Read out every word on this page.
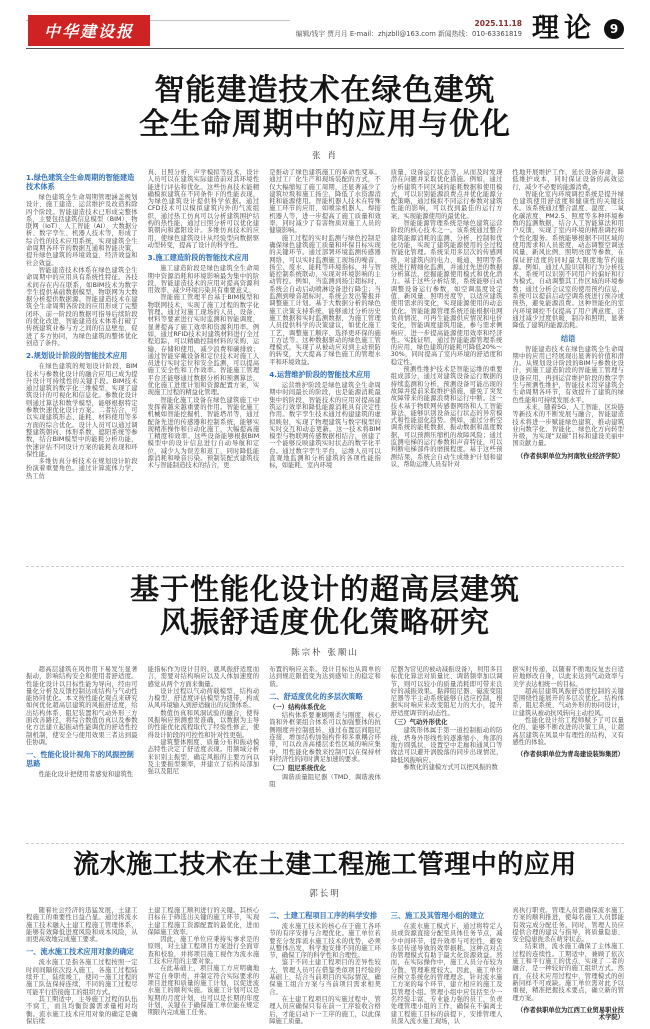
中华建设报	2025.11.18
编辑/钱宇 贾月月 E-mail：zhjzbll@163.com 新闻热线：010-63361819 理论	9
智能建造技术在绿色建筑
全生命周期中的应用与优化
张 肖
1.绿色建筑全生命周期的智能建造技术体系
绿色建筑全生命周期管理涵盖规划设计、施工建造、运营维护及改造拆除四个阶段。智能建造技术已形成完整体系，主要包括建筑信息模型（BIM）、物联网（IoT）、人工智能（AI）、大数据分析、数字孪生、机器人技术等，形成了综合性的技术应用系统，实现建筑全生命周期各环节的数据互通和智能决策，提升绿色建筑的环境效益、经济效益和社会效益。
智能建造技术体系在绿色建筑全生命周期中的应用具有系统性特征。各技术间存在内在联系，如BIM技术为数字孪生提供基础数据模型，物联网为大数据分析提供数据源。智能建造技术在建筑全生命周期各阶段的应用形成了完整闭环，前一阶段的数据可指导后续阶段的优化改进，智能建造技术体系打破了传统建筑业参与方之间的信息壁垒，促进了多方协同，为绿色建筑的整体优化创造了条件。
2.规划设计阶段的智能技术应用
在绿色建筑的规划设计阶段，BIM技术与参数化设计的融合应用已成为提升设计可持续性的关键手段。BIM技术通过建筑的数字化三维模型，实现了建筑设计的可视化和信息化。参数化设计则通过算法和数学模型，能够根据特定参数快速优化设计方案。二者结合，可以实现建筑形态、能耗、材料使用等多方面的综合优化。设计人员可以通过调整建筑朝向、体形系数、遮阳系统等参数，结合BIM模型中的能耗分析功能，快速评估不同设计方案的能耗表现和环保性能。
多维仿真分析技术在规划设计阶段扮演着重要角色。通过计算流体力学、热工仿
真、日照分析、声学模拟等技术，设计人员可以在建筑实际建造前对其环境性能进行评估和优化。这些仿真技术能精确模拟建筑在不同条件下的性能表现，为绿色建筑设计提供科学依据。通过CFD技术可以模拟建筑内外的气流组织，通过热工仿真可以分析建筑围护结构的热性能，通过日照分析可以优化建筑朝向和遮阳设计。多维仿真技术的应用，使绿色建筑设计从经验型向数据驱动型转变，提高了设计的科学性。
3.施工建造阶段的智能技术应用
施工建造阶段是绿色建筑全生命周期中资源消耗和环境影响最为集中的阶段，智能建造技术的应用对提高资源利用效率、减少环境污染具有重要意义。
智能施工管理平台基于BIM模型和物联网技术，实现了施工过程的数字化管理。通过对施工现场的人员、设备、材料等要素进行实时监测和智能调度，显著提高了施工效率和资源利用率。例如，通过RFID技术对建筑材料进行全过程追踪，可以精确控制材料的采购、运输、存储和使用，减少浪费和碳排放；通过智能穿戴设备和定位技术对施工人员进行实时定位和安全监测，可以提高施工安全性和工作效率。智能施工管理平台还能够通过数据分析和预测算法，优化施工进度计划和资源配置方案，实现施工过程的精益化管理。
智能化施工设备在绿色建筑施工中发挥着越来越重要的作用。智能化施工机械如智能挖掘机、智能塔吊等，通过配备先进的传感器和控制系统，能够实现精准操作和自动化施工，大幅提高施工精度和效率。这些设备能够根据BIM模型中的设计信息进行自动导航和定位，减少人为误差和返工，同时降低能源消耗和噪音污染。预制装配式建筑技术与智能制造技术的结合，更
是推动了绿色建筑施工的革命性变革。通过工厂化生产和现场装配的方式，不仅大幅缩短了施工周期，还显著减少了建筑垃圾和施工扬尘，降低了水资源消耗和能源使用。智能机器人技术在特殊施工环节的应用，如喷涂机器人、焊接机器人等，进一步提高了施工质量和效率，同时减少了有害物质对施工人员的健康影响。
施工过程的实时监测与绿色控制是确保绿色建筑施工质量和环保目标实现的关键环节。通过部署环境监测传感器网络，可以实时监测施工现场的噪音、扬尘、废水、能耗等环境指标，并与智能控制系统联动，实现对环境影响的主动管控。例如，当监测到扬尘超标时，系统会自动启动喷淋设备进行降尘；当监测到噪音超标时，系统会发出警报并调整施工计划。基于大数据分析的绿色施工决策支持系统，能够通过分析历史施工数据和实时监测数据，为施工管理人员提供科学的决策建议，如优化施工工艺、调整施工顺序、选择更环保的施工方法等。这种数据驱动的绿色施工管理模式，实现了从被动应对到主动预防的转变，大大提高了绿色施工的管理水平和环境效益。
4.运营维护阶段的智能技术应用
运营维护阶段是绿色建筑全生命周期中时间最长的阶段，也是能源消耗最集中的阶段，智能技术的应用对提高建筑运行效率和降低能源消耗具有决定性作用。数字孪生技术通过构建建筑的虚拟映射，实现了物理建筑与数字模型的实时交互和动态更新。这一技术将BIM模型与物联网传感数据相结合，创建了一个能够反映建筑实时状态的数字化平台。通过数字孪生平台，运维人员可以直观地监测和分析建筑的各项性能指标，如能耗、室内环境
质量、设备运行状态等，从而及时发现潜在问题并采取优化措施。例如，通过分析建筑不同区域的能耗数据和使用模式，可以识别能源浪费点并优化能源分配策略，通过模拟不同运行参数对建筑性能的影响，可以找到最佳的运行方案，实现能源使用的最优化。
智能能源管理系统是绿色建筑运营阶段的核心技术之一。该系统通过整合建筑能源消耗的监测、分析、控制和优化功能，实现了建筑能源使用的全过程智能化管理。系统采用多层次的传感网络，对建筑内的电力、暖通、照明等系统进行精细化监测，并通过先进的数据分析算法，挖掘能源使用模式和优化潜力。基于这些分析结果，系统能够自动调整设备运行参数，如空调温度设定值、新风量、照明亮度等，以适应建筑使用需求的变化，实现能源使用的动态优化。智能能源管理系统还能根据电网负荷情况、可再生能源供应情况和电价变化，智能调度建筑用能，参与需求侧响应，进一步提高能源使用效率和经济性。实践证明，通过智能能源管理系统的应用，绿色建筑的能耗可降低20%～30%，同时提高了室内环境的舒适度和稳定性。
预测性维护技术是智能运维的重要组成部分，通过对建筑设备运行数据的持续监测和分析，预测设备可能出现的故障并提前采取维护措施，避免了突发故障带来的能源浪费和运行中断。这一技术基于物联网传感器网络和人工智能算法，能够识别设备运行状态的异常模式和性能退化趋势。例如，通过分析空调系统的能耗数据、振动数据和温度数据，可以预测压缩机的故障风险；通过监测电梯的运行参数和声音特征，可以判断电梯部件的磨损程度。基于这些预测结果，系统会自动生成维护计划和建议，帮助运维人员有针对
性地开展维护工作，延长设备寿命，降低维护成本，同时保证设备的高效运行，减少不必要的能源消费。
智能化室内环境调控系统是提升绿色建筑使用舒适度和健康性的关键技术。该系统通过整合温度、湿度、二氧化碳浓度、PM2.5、照度等多种环境参数的监测数据，结合人工智能算法和用户反馈，实现了室内环境的精准调控和个性化服务。系统能够根据不同区域的使用需求和人员密度，动态调整空调送风量、新风比例、照明亮度等参数，在保证舒适度的同时最大限度地节约能源。例如，通过人脸识别和行为分析技术，系统可以识别不同用户的偏好和行为模式，自动调整其工作区域的环境参数；通过分析会议室的使用预约信息，系统可以提前启动空调系统进行预冷或预热，避免能源浪费。这种智能化的室内环境调控不仅提高了用户满意度，还通过减少过度供暖、制冷和照明，显著降低了建筑的能源消耗。
结语
智能建造技术在绿色建筑全生命周期中的应用已经展现出显著的价值和潜力。从规划设计阶段的BIM与参数化设计，到施工建造阶段的智能施工管理与设备应用，再到运营维护阶段的数字孪生与预测性维护，智能技术贯穿建筑全生命周期各环节，有效提升了建筑的绿色性能和可持续发展水平。
未来，随着5G、人工智能、区块链等新技术的不断发展与融合，智能建造技术将进一步赋能绿色建筑，推动建筑业向数字化、智能化、绿色化方向转型升级，为实现“双碳”目标和建设美丽中国贡献力量。
（作者供职单位为河南牧业经济学院）
基于性能化设计的超高层建筑
风振舒适度优化策略研究
陈宗朴 张顺山
超高层建筑在风作用下易发生显著振动，影响结构安全和使用者舒适度。性能化设计以目标性能为导向，经由可量化分析及反馈控制达成结构与气动性能协同优化。本文按性能化观点来研究如何优化超高层建筑的风振舒适度，给出结构体系、阻尼装置和气动外形三方面改善路径，将综合数值仿真以及参数化方法建立起振动性能调优的舒适性控制机制，使安全与使用效果三者达到最佳协调。
一、性能化设计视角下的风振控制思路
性能化设计把使用者感觉和建筑性
能指标作为设计目的，就风振舒适度而言，需要对结构响应以及人体加速度的感觉从两个方面来衡量。
设计过程以气动荷载模型、结构动力模型、舒适度评估模型为纽带，构成从风环境输入到舒适输出的反馈体系。
数值仿真和风洞试验的融合，使得风振响应预测愈发准确，以数据为主导的性能优化流程取代了经验性修正，使得设计阶段的可控性和针对性更强。
建筑整体刚度、质量分布和振动模态特性决定了舒适度表现。用频域分析来识别主振型，确定风振的主要方向以及主要振型频率，并建立了结构局部加强以及阻尼
布置的响应关系。设计目标也从简单的达到规范限值变为达到感知上的稳定和谐。
二、舒适度优化的多层次策略
（一）结构体系优化
结构体系要兼顾刚柔与刚度，核心筒和外框架组合体系可以加强整体的抗侧刚度并控制扭转，通过布置层间阻尼连接、增加结构加强构件和多重耦合环带，可以改善高楼层柔性区域的响应集中，用性能化参数来控制可以在保持材料经济性的同时满足加速的要求。
（二）阻尼系统优化
调谐质量阻尼器（TMD、调谐液体阻
尼器为常见的被动减振设备），利用多目标优化算法对质量比、调谐频率加以调节，则可以较小的质量消耗即可带来良好的减振效果。黏滞阻尼器、磁流变阻尼器等半主动系统能够自适应控制，根据实时响应来改变阻尼力的大小，提升舒适度调节的动态性。
（三）气动外形优化
建筑形体属于第一道控制振动的防线，塔身外形线性的逐渐缩小、角部的地方圆弧状、设置空中走廊和通风口等做法可以避开涡脱落的同步出现情况，降低风振响应。
参数化的建模方式可以把风振的数
据实时传递，以随着不断地反复去自适应地修改自身，以此来达到气动效率与美学表达相统一的目标。
超高层建筑风振舒适度控制的关键是围绕性能展开的多层次优化。结构体系、阻尼系统、气动外形的协同设计，让建筑从被动抗风转向主动控风。
性能化设计给工程师赋予了可以量化的、能够不断改进的决策工具，让超高层建筑在风景中有理性的结构，又有感性的体验。
（作者供职单位为青岛建设装饰集团）
流水施工技术在土建工程施工管理中的应用
郭长明
随着社会经济的迅猛发展，土建工程施工的重要性日益凸显。通过将流水施工技术融入土建工程施工管理体系，能够有效降低进度风险和成本风险，从而更高效地完成施工要求。
一、流水施工技术应用对象的确定
流水施工是指各施工过程按照一定时间间隔依次投入施工，各施工过程陆续开工、陆续竣工，使同一施工过程的施工队伍保持连续，不同的施工过程尽可能平行搭接施工的组织方式。
其工期适中，主导施工过程的队伍不窝工，而且均衡资源需求量相对均衡。流水施工技术应用对象的确定是确保后续
土建工程施工顺利进行的关键。其核心目标在于筛选出关键的施工环节，实现土建工程施工资源配置的最优化，进而保障施工效率。
因此，施工单位应秉持实事求是的原则，对土建工程项目方案进行全面审查和校验，并将项目施工视作为流水施工技术应用的主要对象。
在此基础上，项目施工方应明确地界定自身职责，并制定符合实际要求的项目进度和质量的施工计划，以促进流水施工的顺利实施。该施工计划可以是短期的月度计划，也可以是长期的年度计划，关键在于确保施工单位能在规定期限内完成施工任务。
二、土建工程项目工序的科学安排
流水施工技术的核心在于施工各环节的有序安排与合理优化。施工单位若要充分发挥流水施工技术的优势，必须从整体出发，科学地安排不同的施工环节，确保工序的科学性和合理性。
鉴于不同土建工程项目的差异性较大，管理人员可在借鉴类似项目经验的基础上，结合当前项目的实际情况，确保施工组合方案与当前项目需求相契合。
在土建工程项目的实施过程中，管理人员应确保只有在前一工序验收合格后，才能启动下一工序的施工，以此保障施工质量。
三、施工及其管理小组的建立
在流水施工模式下，通过将特定人员或资源直接分配至具体任务节点，减少中间环节，提升效率与可控性，避免多层传递导致的效率损耗。这种点对点的管理模式有助于最大化资源效益。然而，在实际操作中，施工人员分布较为分散，管理难度较大。因此，施工单位应树立系统化的管理理念，针对流水施工方案的每个环节，建立相应的施工及其管理小组。管理小组中应包括至少一名经验丰富、专业能力强的员工，负责处理管理小组的工作，确保在不偏离土建工程施工目标的前提下，安排管理人员深入流水施工现场，认
真执行职责。管理人员需确保流水施工方案的顺利推进，使每名施工人员都能有效完成分配任务。同时，管理人员应提供合理的建议与指导，将质量隐患、安全隐患扼杀在萌芽状态。
结束语，流水施工确保了主体施工过程的连续性。工期适中，兼顾了依次施工和平行施工的优点，实现了二者的融合，是一种较好的施工组织方式。然而，在技术应用过程中，管理模式的创新同样不可或缺。施工单位需对此予以重视，精准把握技术要点，确立新的管理方案。
（作者供职单位为江西工业贸易职业技术学院）
